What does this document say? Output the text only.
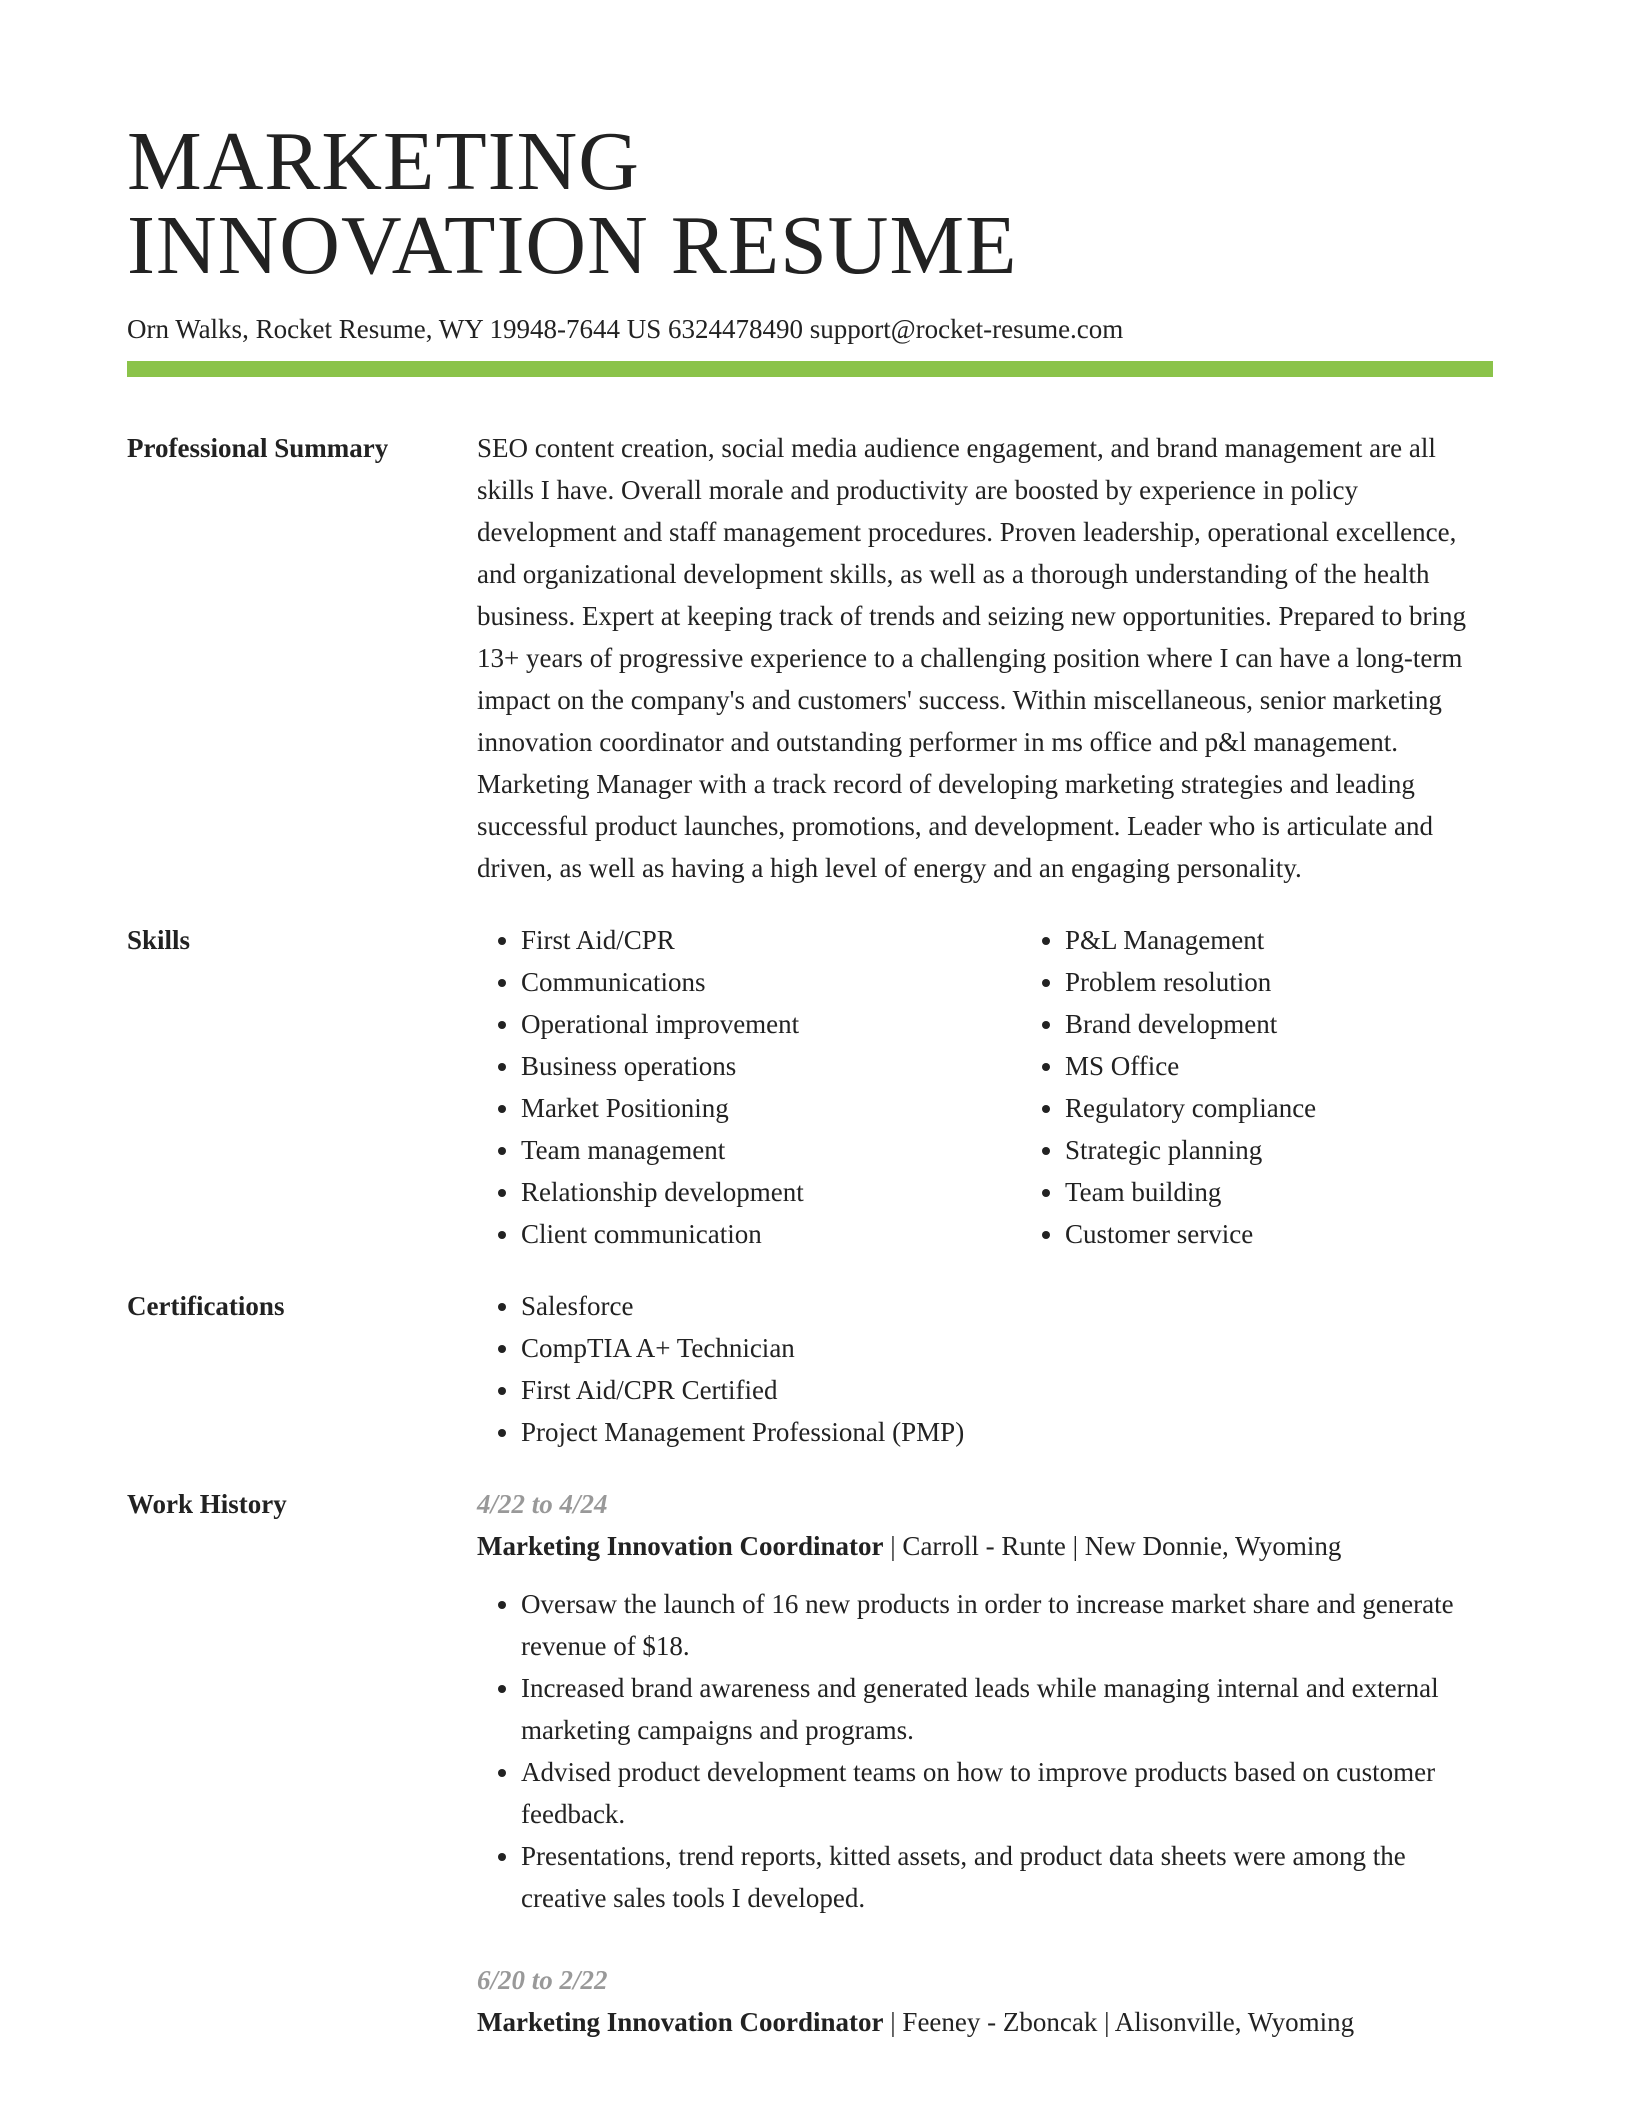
MARKETING
INNOVATION RESUME
Orn Walks, Rocket Resume, WY 19948-7644 US 6324478490 support@rocket-resume.com
Professional Summary	SEO content creation, social media audience engagement, and brand management are all skills I have. Overall morale and productivity are boosted by experience in policy development and staff management procedures. Proven leadership, operational excellence, and organizational development skills, as well as a thorough understanding of the health business. Expert at keeping track of trends and seizing new opportunities. Prepared to bring 13+ years of progressive experience to a challenging position where I can have a long-term impact on the company's and customers' success. Within miscellaneous, senior marketing innovation coordinator and outstanding performer in ms office and p&l management. Marketing Manager with a track record of developing marketing strategies and leading successful product launches, promotions, and development. Leader who is articulate and driven, as well as having a high level of energy and an engaging personality.
Skills	• First Aid/CPR
• Communications
• Operational improvement
• Business operations
• Market Positioning
• Team management
• Relationship development
• Client communication
• P&L Management
• Problem resolution
• Brand development
• MS Office
• Regulatory compliance
• Strategic planning
• Team building
• Customer service
Certifications	• Salesforce
• CompTIA A+ Technician
• First Aid/CPR Certified
• Project Management Professional (PMP)
Work History	4/22 to 4/24
Marketing Innovation Coordinator | Carroll - Runte | New Donnie, Wyoming
• Oversaw the launch of 16 new products in order to increase market share and generate revenue of $18.
• Increased brand awareness and generated leads while managing internal and external marketing campaigns and programs.
• Advised product development teams on how to improve products based on customer feedback.
• Presentations, trend reports, kitted assets, and product data sheets were among the creative sales tools I developed.
6/20 to 2/22
Marketing Innovation Coordinator | Feeney - Zboncak | Alisonville, Wyoming
